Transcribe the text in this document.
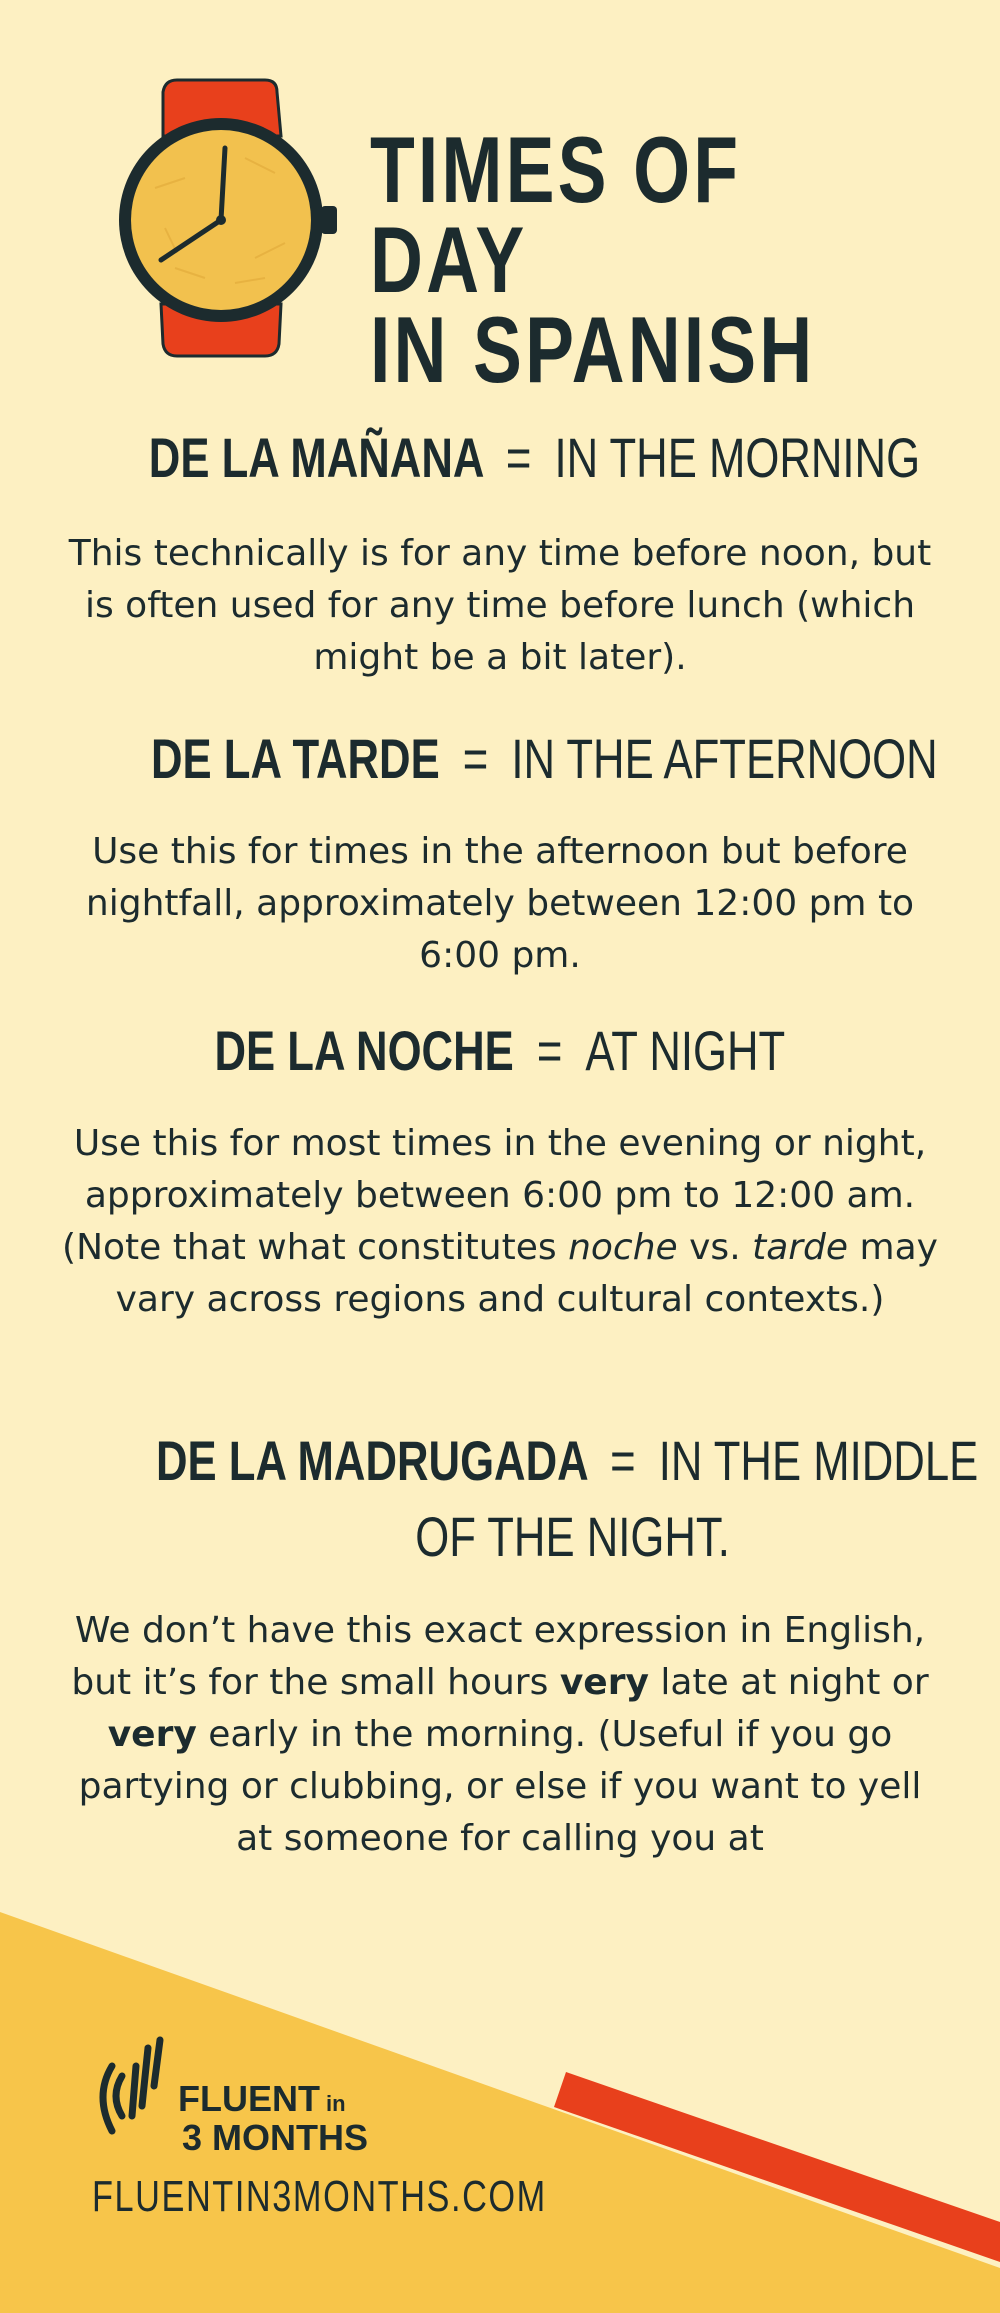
TIMES OF DAY
IN SPANISH
DE LA MAÑANA = IN THE MORNING

This technically is for any time before noon, but is often used for any time before lunch (which might be a bit later).

DE LA TARDE = IN THE AFTERNOON

Use this for times in the afternoon but before nightfall, approximately between 12:00 pm to 6:00 pm.

DE LA NOCHE = AT NIGHT

Use this for most times in the evening or night, approximately between 6:00 pm to 12:00 am. (Note that what constitutes noche vs. tarde may vary across regions and cultural contexts.)

DE LA MADRUGADA = IN THE MIDDLE
OF THE NIGHT.

We don’t have this exact expression in English, but it’s for the small hours very late at night or very early in the morning. (Useful if you go partying or clubbing, or else if you want to yell at someone for calling you at

FLUENT in
3 MONTHS
FLUENTIN3MONTHS.COM
